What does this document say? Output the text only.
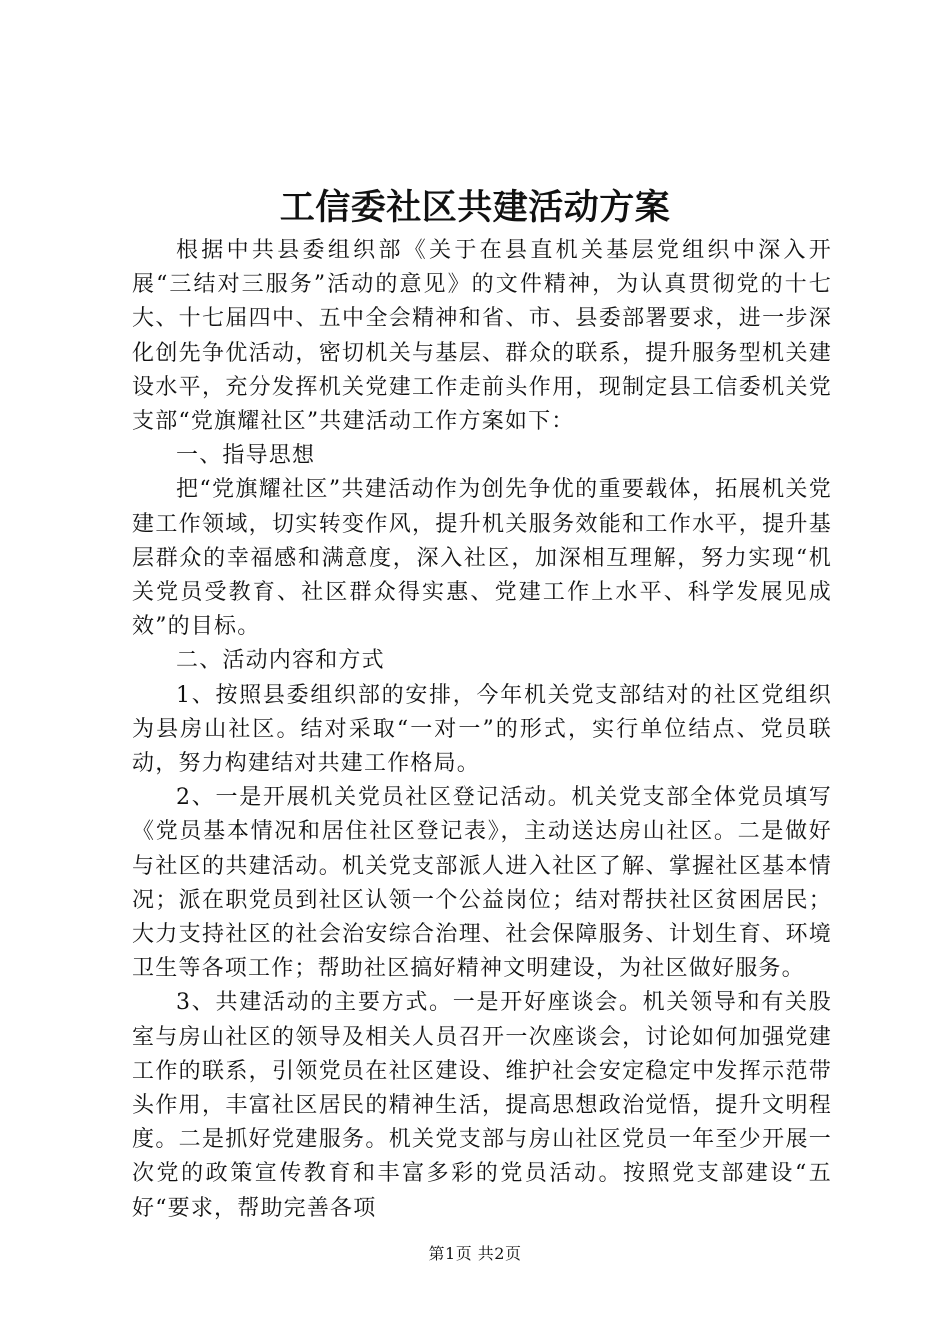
工信委社区共建活动方案

根据中共县委组织部《关于在县直机关基层党组织中深入开展“三结对三服务”活动的意见》的文件精神，为认真贯彻党的十七大、十七届四中、五中全会精神和省、市、县委部署要求，进一步深化创先争优活动，密切机关与基层、群众的联系，提升服务型机关建设水平，充分发挥机关党建工作走前头作用，现制定县工信委机关党支部“党旗耀社区”共建活动工作方案如下：

一、指导思想

把“党旗耀社区”共建活动作为创先争优的重要载体，拓展机关党建工作领域，切实转变作风，提升机关服务效能和工作水平，提升基层群众的幸福感和满意度，深入社区，加深相互理解，努力实现“机关党员受教育、社区群众得实惠、党建工作上水平、科学发展见成效”的目标。

二、活动内容和方式

1、按照县委组织部的安排，今年机关党支部结对的社区党组织为县房山社区。结对采取“一对一”的形式，实行单位结点、党员联动，努力构建结对共建工作格局。

2、一是开展机关党员社区登记活动。机关党支部全体党员填写《党员基本情况和居住社区登记表》，主动送达房山社区。二是做好与社区的共建活动。机关党支部派人进入社区了解、掌握社区基本情况；派在职党员到社区认领一个公益岗位；结对帮扶社区贫困居民；大力支持社区的社会治安综合治理、社会保障服务、计划生育、环境卫生等各项工作；帮助社区搞好精神文明建设，为社区做好服务。

3、共建活动的主要方式。一是开好座谈会。机关领导和有关股室与房山社区的领导及相关人员召开一次座谈会，讨论如何加强党建工作的联系，引领党员在社区建设、维护社会安定稳定中发挥示范带头作用，丰富社区居民的精神生活，提高思想政治觉悟，提升文明程度。二是抓好党建服务。机关党支部与房山社区党员一年至少开展一次党的政策宣传教育和丰富多彩的党员活动。按照党支部建设“五好“要求，帮助完善各项

第1页 共2页
